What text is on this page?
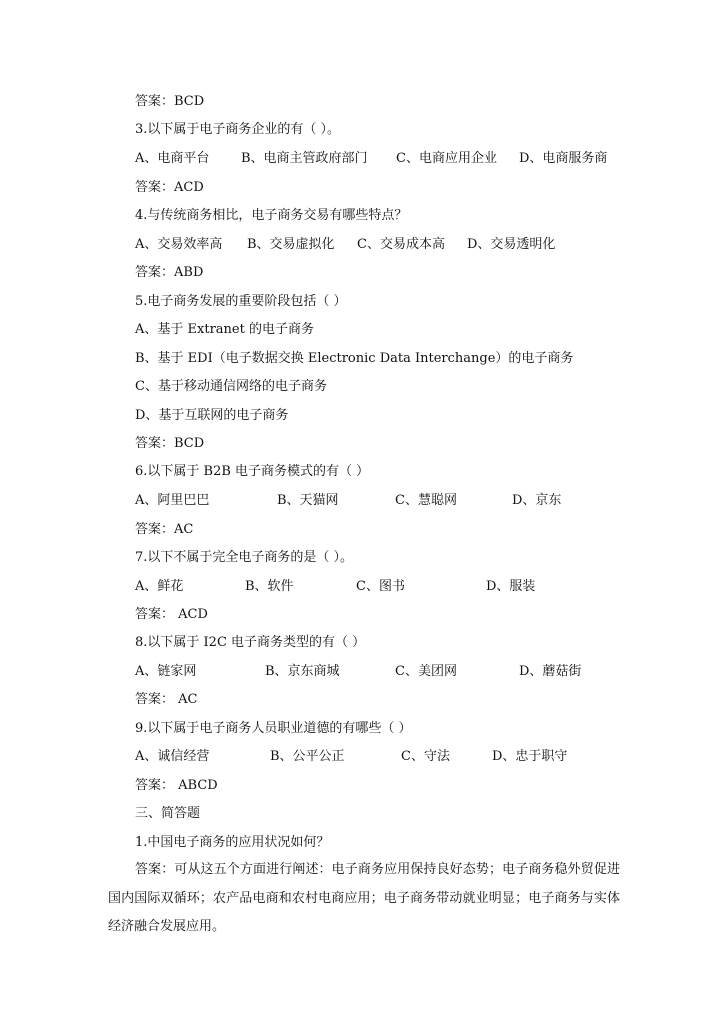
答案：BCD
3.以下属于电子商务企业的有（ ）。
A、电商平台 B、电商主管政府部门 C、电商应用企业 D、电商服务商
答案：ACD
4.与传统商务相比，电子商务交易有哪些特点？
A、交易效率高 B、交易虚拟化 C、交易成本高 D、交易透明化
答案：ABD
5.电子商务发展的重要阶段包括（ ）
A、基于 Extranet 的电子商务
B、基于 EDI（电子数据交换 Electronic Data Interchange）的电子商务
C、基于移动通信网络的电子商务
D、基于互联网的电子商务
答案：BCD
6.以下属于 B2B 电子商务模式的有（ ）
A、阿里巴巴	B、天猫网	C、慧聪网	D、京东
答案：AC
7.以下不属于完全电子商务的是（ ）。
A、鲜花	B、软件	C、图书	D、服装
答案： ACD
8.以下属于 I2C 电子商务类型的有（ ）
A、链家网	B、京东商城	C、美团网	D、蘑菇街
答案： AC
9.以下属于电子商务人员职业道德的有哪些（ ）
A、诚信经营	B、公平公正	C、守法	D、忠于职守
答案： ABCD
三、简答题
1.中国电子商务的应用状况如何？
答案：可从这五个方面进行阐述：电子商务应用保持良好态势；电子商务稳外贸促进国内国际双循环；农产品电商和农村电商应用；电子商务带动就业明显；电子商务与实体经济融合发展应用。
